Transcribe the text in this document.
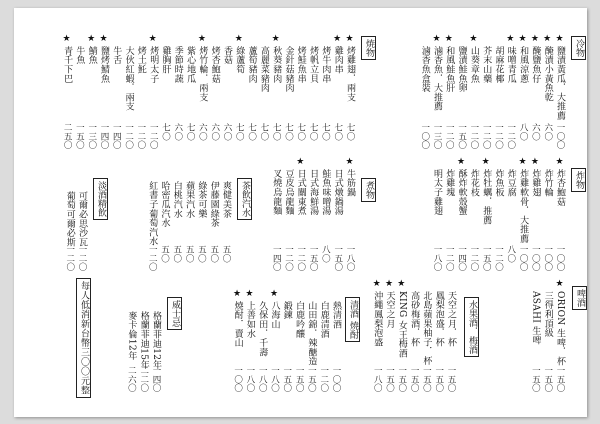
冷物
焼物
炸物
煮物
茶飲汽水
淡酒精飲
啤酒
水果酒．梅酒
清酒 燒酎
威士忌
★
鹽漬黃瓜．大推薦
一〇〇
★
醃漬小黃魚乾
六〇
★
醃鹽魚仔
六〇
★
和風涼蔥
八〇
★
味噌青瓜
一二〇
胡麻花椰
一二〇
芥末山藥
一二〇
★
山葵章魚
一二〇
鹽漬鮭魚卵
一五〇
★
和風鮭魚肝
一二〇
★
滷香魚．大推薦
一三〇
滷香魚盒裝
一〇〇
★
烤雞翅．兩支
七〇
★
雞肉串
七〇
烤牛肉串
七〇
烤帆立貝
七〇
烤鮭魚串
七〇
金針菇豬肉
七〇
★
秋葵豬肉
七〇
高麗菜豬肉
七〇
蘆筍豬肉
七〇
★
綠蘆筍
七〇
香菇
六〇
烤杏鮑菇
六〇
★
烤竹輪．兩支
六〇
紫心地瓜
七〇
季節時蔬
六〇
雞胸肝
七〇
★
烤明太子
一二〇
烤土魠
一二〇
大伙紅蝦．兩支
一二〇
牛舌
一四〇
★
鹽烤鯖魚
一四〇
★
鯖魚
一三〇
牛魚
一五〇
★
青千下巴
二五〇
★
炸杏鮑菇
一〇〇
炸竹輪
一〇〇
★
炸雞翅
一〇〇
★
炸雞軟骨．大推薦
一〇〇
炸豆腐
八〇
炸魚板
一二〇
★
炸牡蠣．推薦
一五〇
炸花枝
一二〇
★
酥炸軟殼蟹
一四〇
炸雞塊
一二〇
明太子雞翅
一八〇
★
牛筋鍋
一八〇
日式燉鍋湯
一五〇
鮭魚味噌湯
八〇
日式海鮮湯
一五〇
★
日式關東煮
一二〇
豆皮烏龍麵
一二〇
叉燒烏龍麵
一四〇
爽健美茶
五〇
伊藤園綠茶
五〇
綠茶可樂
五〇
蘋果汽水
五〇
白桃汽水
五〇
哈密瓜汽水
五〇
紅書子葡萄汽水
一二〇
可爾必思沙瓦
一二〇
葡萄可爾必斯
一二〇
★
ORION 生啤．杯
一五〇
三得利頂級
一五〇
ASAHI 生啤
一五〇
天空之月．杯
一五〇
鳳梨泡盛．杯
一五〇
北島蘋果柚子．杯
一五〇
高砂梅酒．杯
一五〇
★
KING 女王梅酒
一五〇
★
天空之月
一五〇
★
沖繩鳳梨泡盛
一八〇
熱清酒
一〇〇
白鹿清酒
一二〇
山田錦．辣醣造
一五〇
白鹿吟釀
一五〇
鍛鍊
一五〇
★
八海山
一八〇
久保田．千壽
一八〇
★
上善如水
一八〇
★
燒酎．賣山
一〇〇
格蘭菲迪12年
一四〇
格蘭菲迪15年
二二〇
麥卡倫12年
二六〇
每人低消新台幣三〇〇元整
